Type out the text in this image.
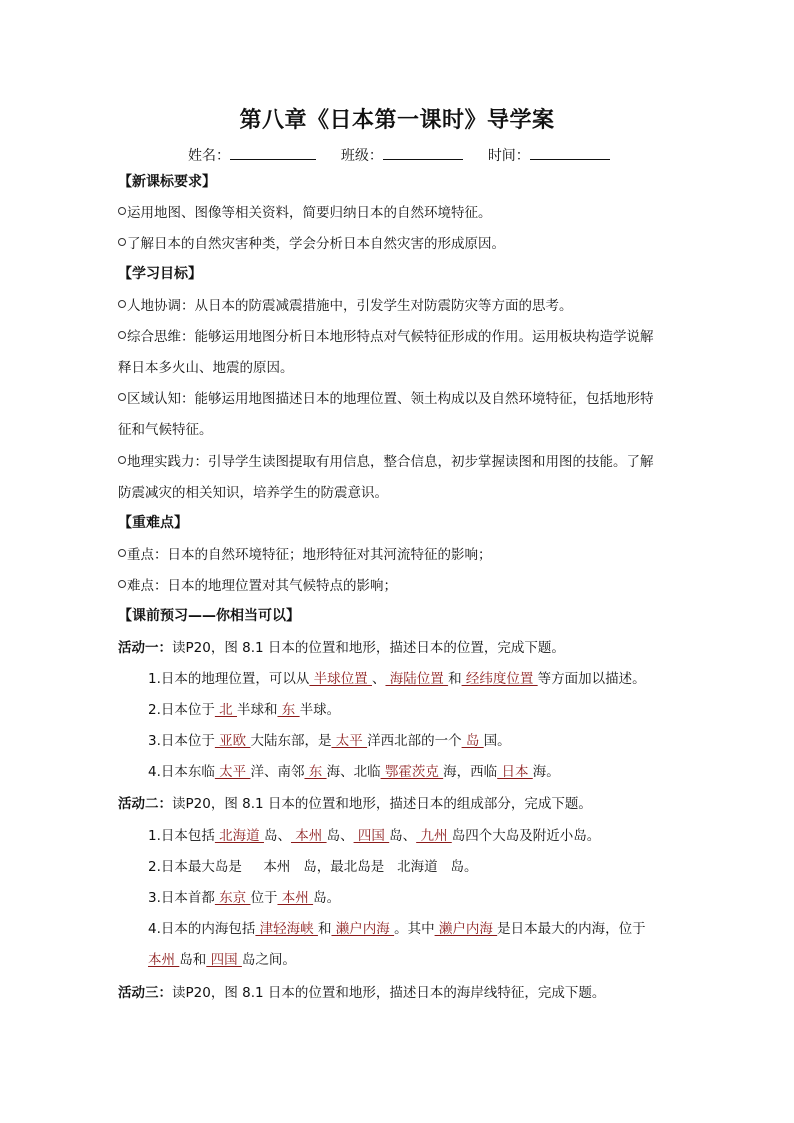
第八章《日本第一课时》导学案
姓名：	班级：	时间：
【新课标要求】
运用地图、图像等相关资料，简要归纳日本的自然环境特征。
了解日本的自然灾害种类，学会分析日本自然灾害的形成原因。
【学习目标】
人地协调：从日本的防震减震措施中，引发学生对防震防灾等方面的思考。
综合思维：能够运用地图分析日本地形特点对气候特征形成的作用。运用板块构造学说解
释日本多火山、地震的原因。
区域认知：能够运用地图描述日本的地理位置、领土构成以及自然环境特征，包括地形特
征和气候特征。
地理实践力：引导学生读图提取有用信息，整合信息，初步掌握读图和用图的技能。了解
防震减灾的相关知识，培养学生的防震意识。
【重难点】
重点：日本的自然环境特征；地形特征对其河流特征的影响；
难点：日本的地理位置对其气候特点的影响；
【课前预习——你相当可以】
活动一：读P20，图 8.1 日本的位置和地形，描述日本的位置，完成下题。
1.日本的地理位置，可以从 半球位置 、 海陆位置 和 经纬度位置 等方面加以描述。
2.日本位于 北 半球和 东 半球。
3.日本位于 亚欧 大陆东部，是 太平 洋西北部的一个 岛 国。
4.日本东临 太平 洋、南邻 东 海、北临 鄂霍茨克 海，西临 日本 海。
活动二：读P20，图 8.1 日本的位置和地形，描述日本的组成部分，完成下题。
1.日本包括 北海道 岛、 本州 岛、 四国 岛、 九州 岛四个大岛及附近小岛。
2.日本最大岛是     本州   岛，最北岛是   北海道   岛。
3.日本首都 东京 位于 本州 岛。
4.日本的内海包括 津轻海峡 和 濑户内海 。其中 濑户内海 是日本最大的内海，位于
本州 岛和 四国 岛之间。
活动三：读P20，图 8.1 日本的位置和地形，描述日本的海岸线特征，完成下题。
